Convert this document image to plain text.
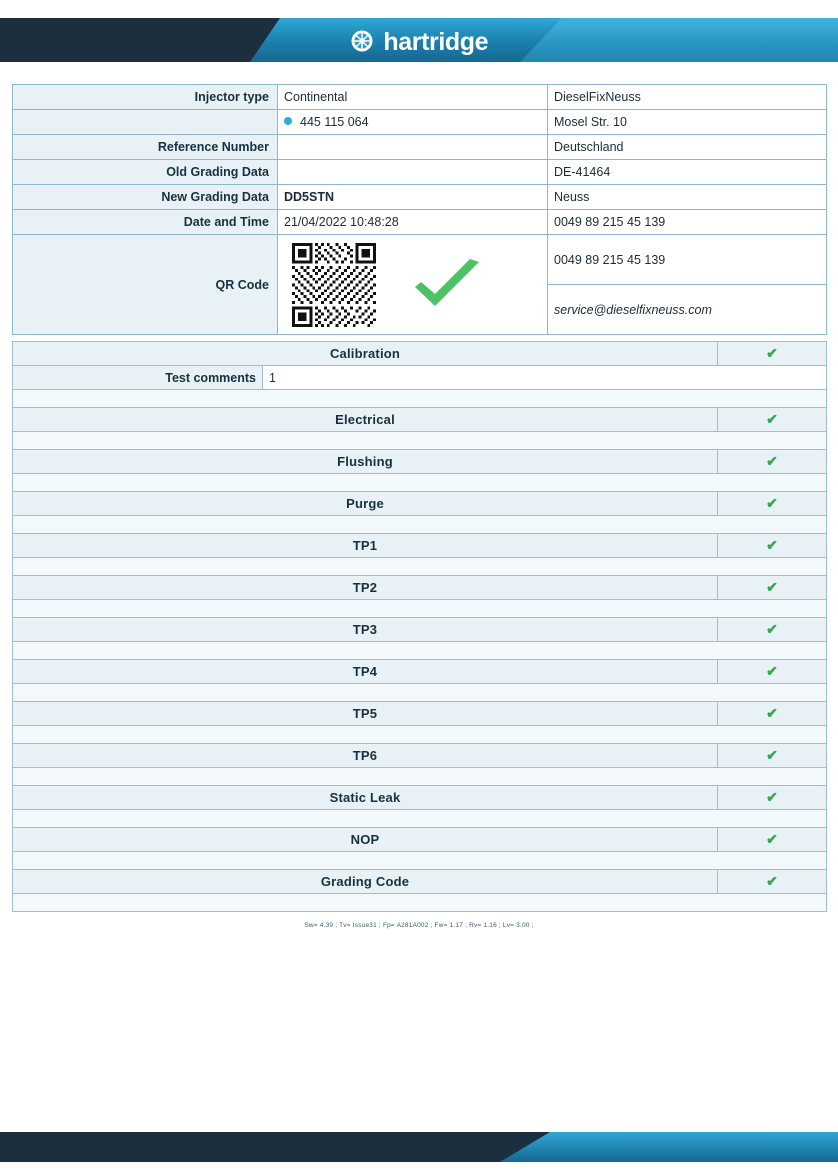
hartridge
Injector type	Continental	DieselFixNeuss
	445 115 064	Mosel Str. 10
Reference Number		Deutschland
Old Grading Data		DE-41464
New Grading Data	DD5STN	Neuss
Date and Time	21/04/2022 10:48:28	0049 89 215 45 139
QR Code		0049 89 215 45 139
		service@dieselfixneuss.com
Calibration		✔
Test comments	1	

Electrical		✔

Flushing		✔

Purge		✔

TP1		✔

TP2		✔

TP3		✔

TP4		✔

TP5		✔

TP6		✔

Static Leak		✔

NOP		✔

Grading Code		✔

Sw= 4.39 ; Tv= Issue31 ; Fp= A281A002 ; Fw= 1.17 ; Rv= 1.16 ; Lv= 3.00 ;
